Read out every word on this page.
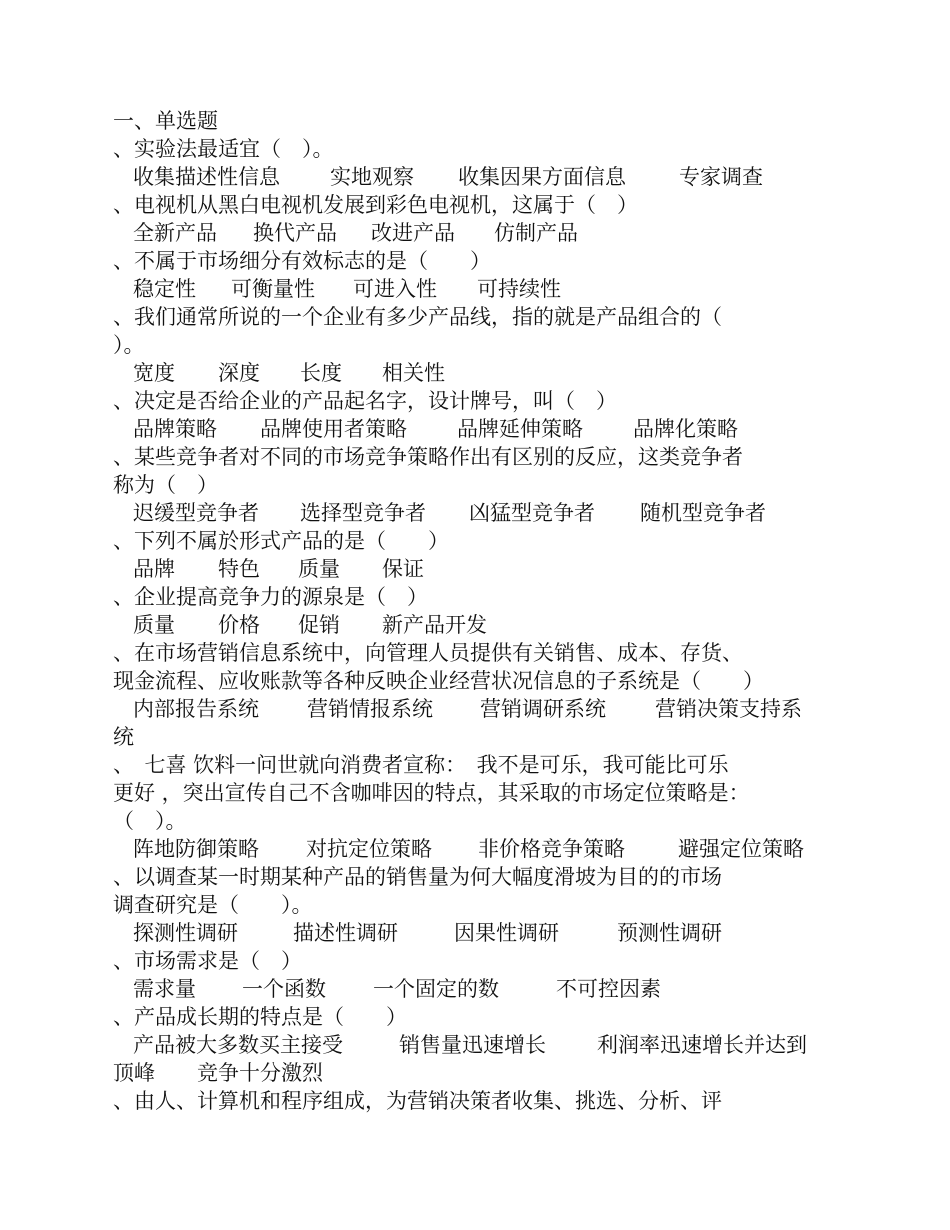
一、单选题
、实验法最适宜（　）。
收集描述性信息 实地观察 收集因果方面信息	专家调查
、电视机从黑白电视机发展到彩色电视机，这属于（　）
全新产品 换代产品 改进产品 仿制产品
、不属于市场细分有效标志的是（　　）
稳定性 可衡量性 可进入性 可持续性
、我们通常所说的一个企业有多少产品线，指的就是产品组合的（
）。
宽度 深度 长度 相关性
、决定是否给企业的产品起名字，设计牌号，叫（　）
品牌策略 品牌使用者策略 品牌延伸策略 品牌化策略
、某些竞争者对不同的市场竞争策略作出有区别的反应，这类竞争者
称为（　）
迟缓型竞争者 选择型竞争者 凶猛型竞争者 随机型竞争者
、下列不属於形式产品的是（　　）
品牌 特色 质量 保证
、企业提高竞争力的源泉是（　）
质量 价格 促销 新产品开发
、在市场营销信息系统中，向管理人员提供有关销售、成本、存货、
现金流程、应收账款等各种反映企业经营状况信息的子系统是（　　）
内部报告系统 营销情报系统 营销调研系统 营销决策支持系
统
、　七喜 饮料一问世就向消费者宣称：　我不是可乐，我可能比可乐
更好 ，突出宣传自己不含咖啡因的特点，其采取的市场定位策略是：
（　）。
阵地防御策略 对抗定位策略 非价格竞争策略	避强定位策略
、以调查某一时期某种产品的销售量为何大幅度滑坡为目的的市场
调查研究是（　　）。
探测性调研	描述性调研	因果性调研	预测性调研
、市场需求是（　）
需求量 一个函数 一个固定的数	不可控因素
、产品成长期的特点是（　　）
产品被大多数买主接受	销售量迅速增长 利润率迅速增长并达到
顶峰 竞争十分激烈
、由人、计算机和程序组成，为营销决策者收集、挑选、分析、评
